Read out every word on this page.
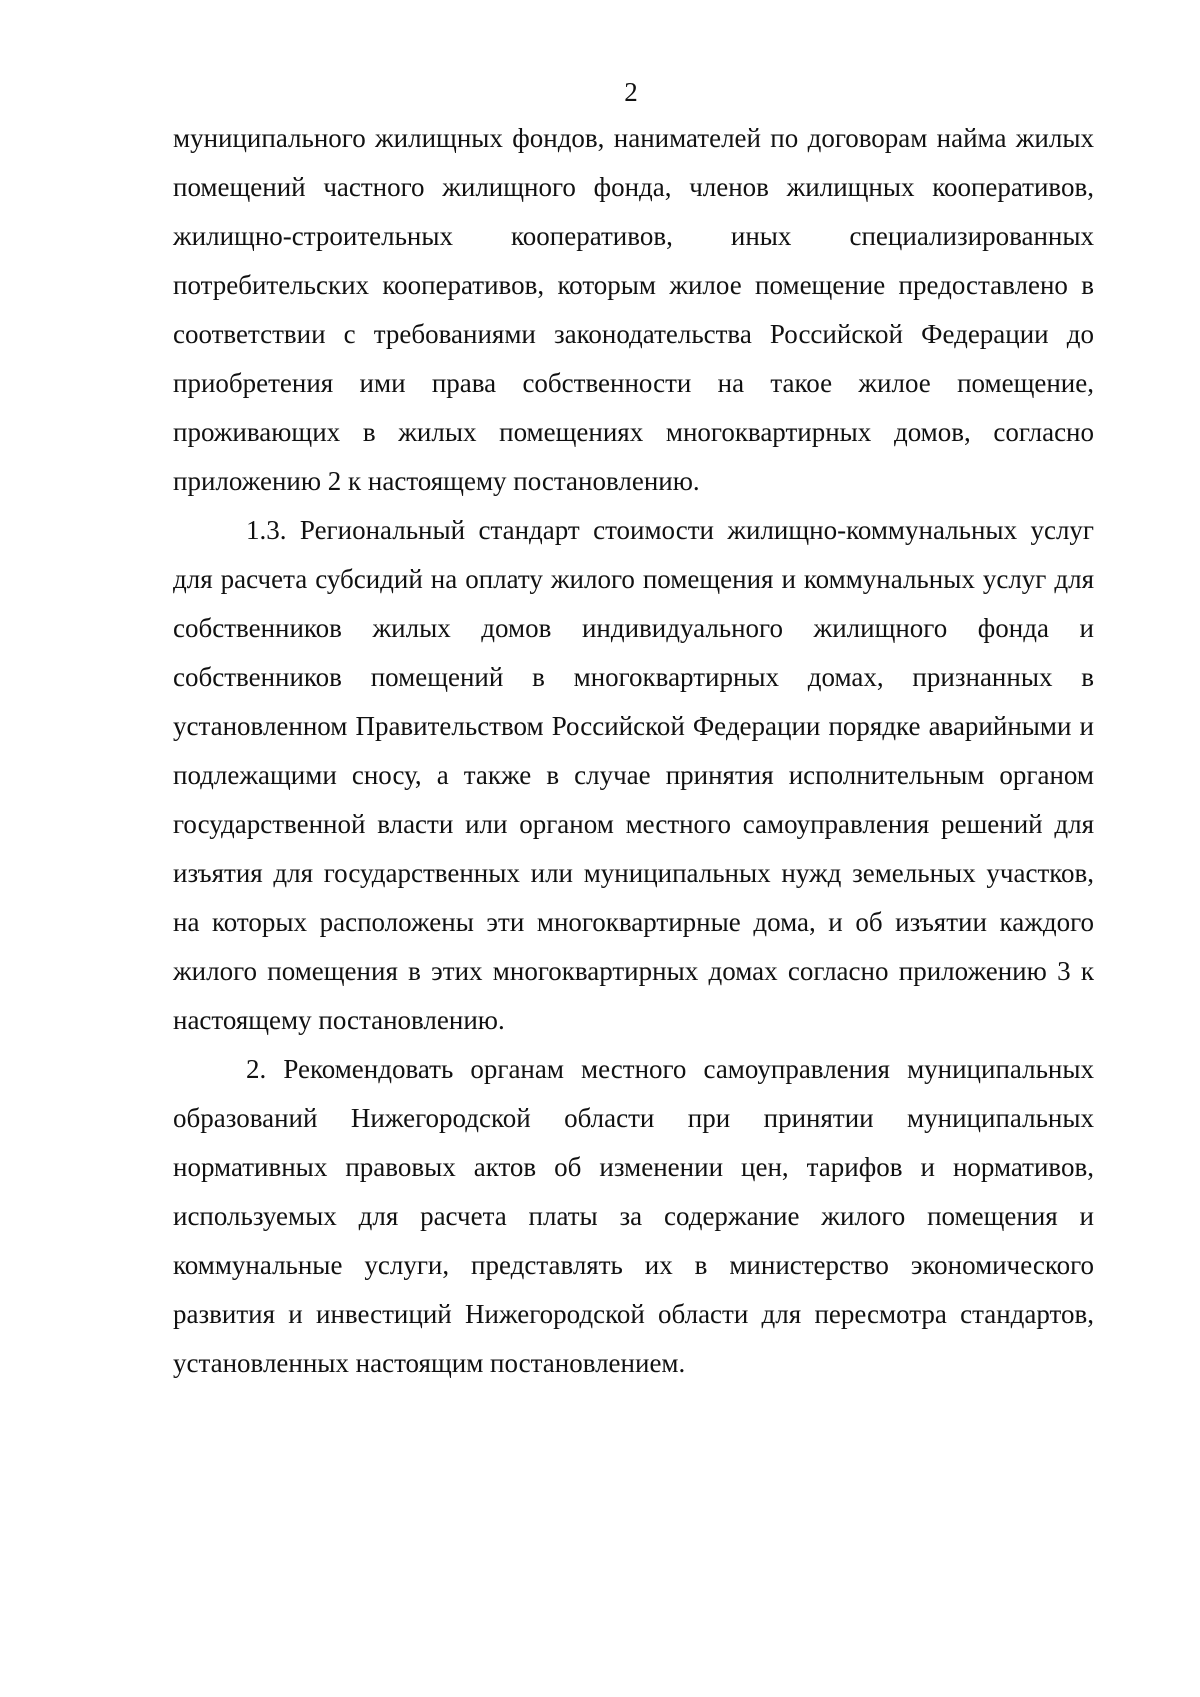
2

муниципального жилищных фондов, нанимателей по договорам найма жилых помещений частного жилищного фонда, членов жилищных кооперативов, жилищно-строительных кооперативов, иных специализированных потребительских кооперативов, которым жилое помещение предоставлено в соответствии с требованиями законодательства Российской Федерации до приобретения ими права собственности на такое жилое помещение, проживающих в жилых помещениях многоквартирных домов, согласно приложению 2 к настоящему постановлению.

1.3. Региональный стандарт стоимости жилищно-коммунальных услуг для расчета субсидий на оплату жилого помещения и коммунальных услуг для собственников жилых домов индивидуального жилищного фонда и собственников помещений в многоквартирных домах, признанных в установленном Правительством Российской Федерации порядке аварийными и подлежащими сносу, а также в случае принятия исполнительным органом государственной власти или органом местного самоуправления решений для изъятия для государственных или муниципальных нужд земельных участков, на которых расположены эти многоквартирные дома, и об изъятии каждого жилого помещения в этих многоквартирных домах согласно приложению 3 к настоящему постановлению.

2. Рекомендовать органам местного самоуправления муниципальных образований Нижегородской области при принятии муниципальных нормативных правовых актов об изменении цен, тарифов и нормативов, используемых для расчета платы за содержание жилого помещения и коммунальные услуги, представлять их в министерство экономического развития и инвестиций Нижегородской области для пересмотра стандартов, установленных настоящим постановлением.
